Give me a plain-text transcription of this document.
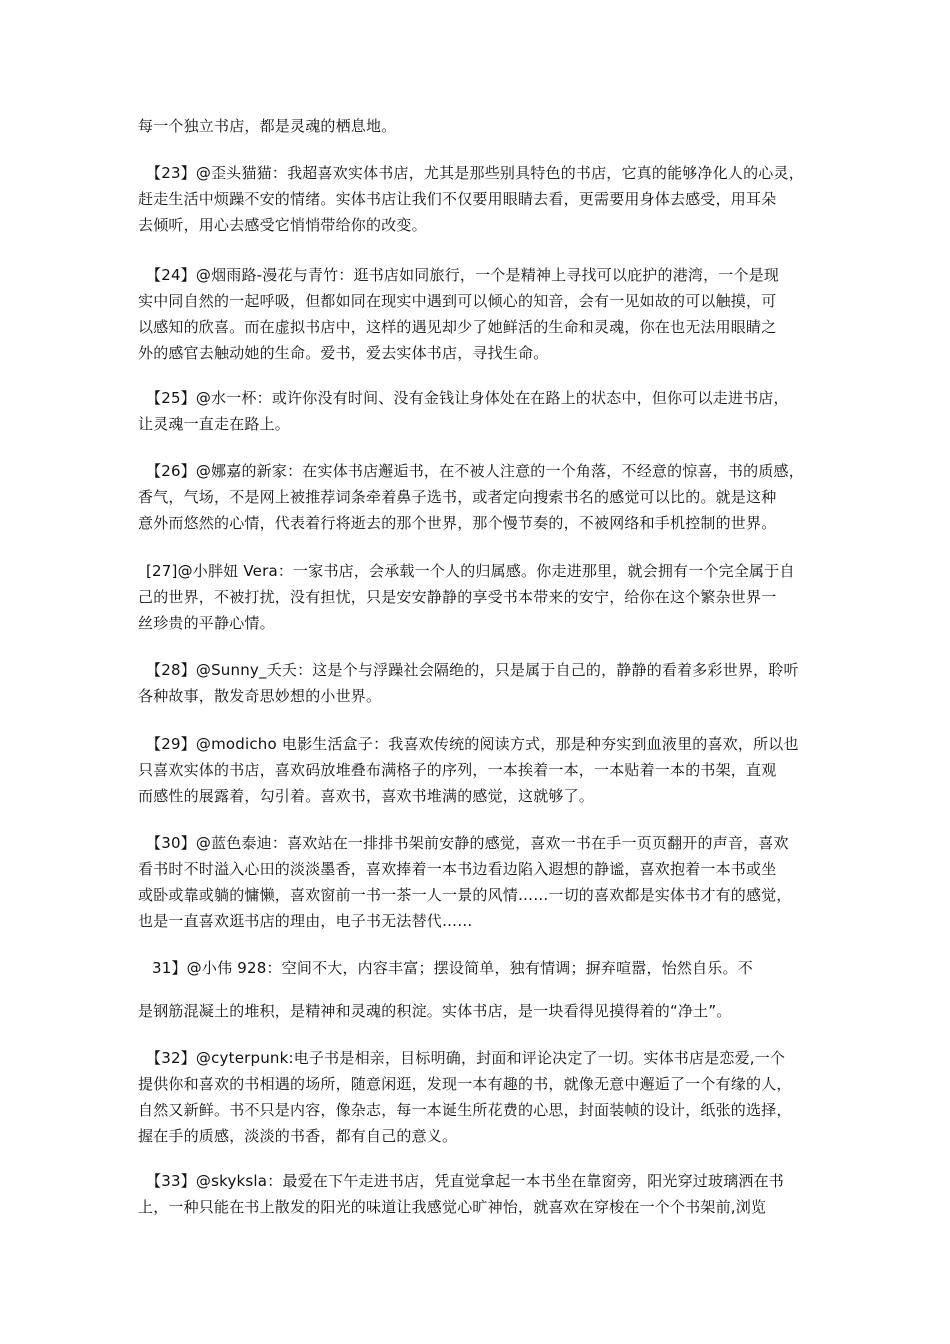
每一个独立书店，都是灵魂的栖息地。

【23】@歪头猫猫：我超喜欢实体书店，尤其是那些别具特色的书店，它真的能够净化人的心灵，
赶走生活中烦躁不安的情绪。实体书店让我们不仅要用眼睛去看，更需要用身体去感受，用耳朵
去倾听，用心去感受它悄悄带给你的改变。

【24】@烟雨路-漫花与青竹：逛书店如同旅行，一个是精神上寻找可以庇护的港湾，一个是现
实中同自然的一起呼吸，但都如同在现实中遇到可以倾心的知音，会有一见如故的可以触摸，可
以感知的欣喜。而在虚拟书店中，这样的遇见却少了她鲜活的生命和灵魂，你在也无法用眼睛之
外的感官去触动她的生命。爱书，爱去实体书店，寻找生命。

【25】@水一杯：或许你没有时间、没有金钱让身体处在在路上的状态中，但你可以走进书店，
让灵魂一直走在路上。

【26】@娜嘉的新家：在实体书店邂逅书，在不被人注意的一个角落，不经意的惊喜，书的质感，
香气，气场，不是网上被推荐词条牵着鼻子选书，或者定向搜索书名的感觉可以比的。就是这种
意外而悠然的心情，代表着行将逝去的那个世界，那个慢节奏的，不被网络和手机控制的世界。

[27]@小胖妞 Vera：一家书店，会承载一个人的归属感。你走进那里，就会拥有一个完全属于自
己的世界，不被打扰，没有担忧，只是安安静静的享受书本带来的安宁，给你在这个繁杂世界一
丝珍贵的平静心情。

【28】@Sunny_夭夭：这是个与浮躁社会隔绝的，只是属于自己的，静静的看着多彩世界，聆听
各种故事，散发奇思妙想的小世界。

【29】@modicho 电影生活盒子：我喜欢传统的阅读方式，那是种夯实到血液里的喜欢，所以也
只喜欢实体的书店，喜欢码放堆叠布满格子的序列，一本挨着一本，一本贴着一本的书架，直观
而感性的展露着，勾引着。喜欢书，喜欢书堆满的感觉，这就够了。

【30】@蓝色泰迪：喜欢站在一排排书架前安静的感觉，喜欢一书在手一页页翻开的声音，喜欢
看书时不时溢入心田的淡淡墨香，喜欢捧着一本书边看边陷入遐想的静谧，喜欢抱着一本书或坐
或卧或靠或躺的慵懒，喜欢窗前一书一茶一人一景的风情……一切的喜欢都是实体书才有的感觉，
也是一直喜欢逛书店的理由，电子书无法替代……

31】@小伟 928：空间不大，内容丰富；摆设简单，独有情调；摒弃喧嚣，怡然自乐。不

是钢筋混凝土的堆积，是精神和灵魂的积淀。实体书店，是一块看得见摸得着的“净土”。

【32】@cyterpunk:电子书是相亲，目标明确，封面和评论决定了一切。实体书店是恋爱,一个
提供你和喜欢的书相遇的场所，随意闲逛，发现一本有趣的书，就像无意中邂逅了一个有缘的人，
自然又新鲜。书不只是内容，像杂志，每一本诞生所花费的心思，封面装帧的设计，纸张的选择，
握在手的质感，淡淡的书香，都有自己的意义。

【33】@skyksla：最爱在下午走进书店，凭直觉拿起一本书坐在靠窗旁，阳光穿过玻璃洒在书
上，一种只能在书上散发的阳光的味道让我感觉心旷神怡，就喜欢在穿梭在一个个书架前,浏览
